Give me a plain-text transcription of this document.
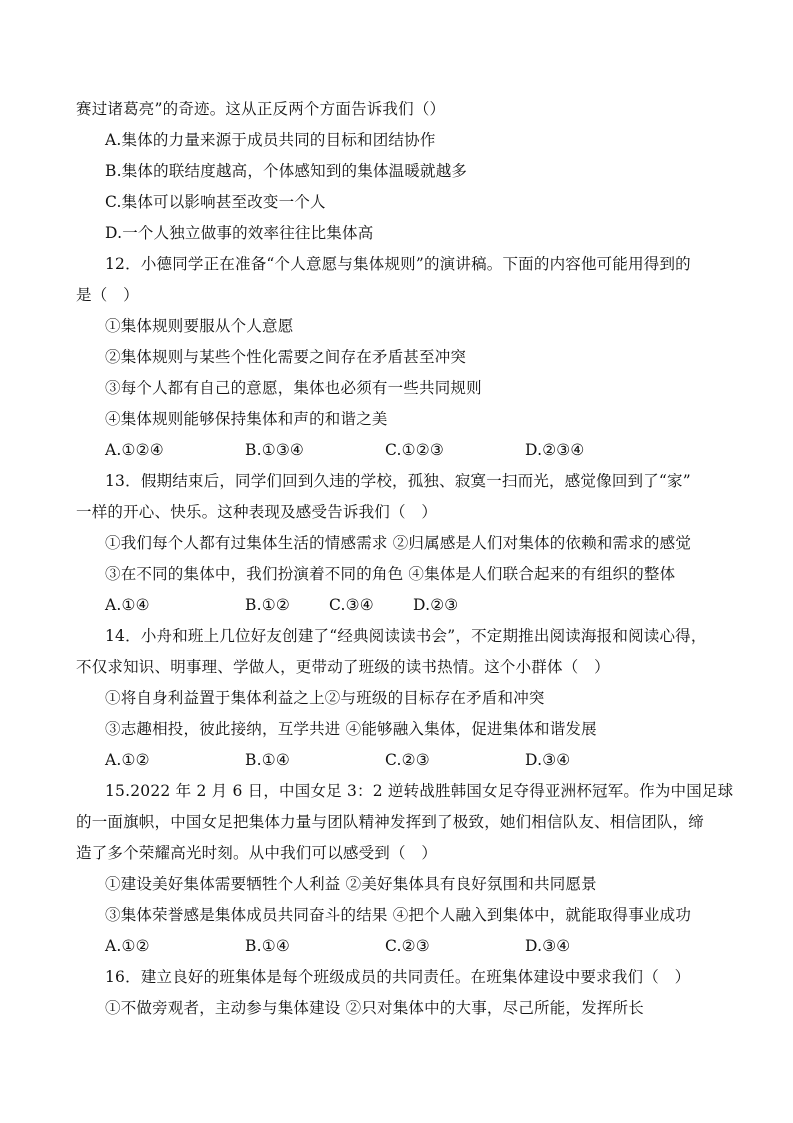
赛过诸葛亮”的奇迹。这从正反两个方面告诉我们（）
A.集体的力量来源于成员共同的目标和团结协作
B.集体的联结度越高，个体感知到的集体温暖就越多
C.集体可以影响甚至改变一个人
D.一个人独立做事的效率往往比集体高
12．小德同学正在准备“个人意愿与集体规则”的演讲稿。下面的内容他可能用得到的
是（　）
①集体规则要服从个人意愿
②集体规则与某些个性化需要之间存在矛盾甚至冲突
③每个人都有自己的意愿，集体也必须有一些共同规则
④集体规则能够保持集体和声的和谐之美
A.①②④	B.①③④	C.①②③	D.②③④
13．假期结束后，同学们回到久违的学校，孤独、寂寞一扫而光，感觉像回到了“家”
一样的开心、快乐。这种表现及感受告诉我们（　）
①我们每个人都有过集体生活的情感需求 ②归属感是人们对集体的依赖和需求的感觉
③在不同的集体中，我们扮演着不同的角色 ④集体是人们联合起来的有组织的整体
A.①④	B.①②	C.③④	D.②③
14．小舟和班上几位好友创建了“经典阅读读书会”，不定期推出阅读海报和阅读心得，
不仅求知识、明事理、学做人，更带动了班级的读书热情。这个小群体（　）
①将自身利益置于集体利益之上②与班级的目标存在矛盾和冲突
③志趣相投，彼此接纳，互学共进 ④能够融入集体，促进集体和谐发展
A.①②	B.①④	C.②③	D.③④
15.2022 年 2 月 6 日，中国女足 3：2 逆转战胜韩国女足夺得亚洲杯冠军。作为中国足球
的一面旗帜，中国女足把集体力量与团队精神发挥到了极致，她们相信队友、相信团队，缔
造了多个荣耀高光时刻。从中我们可以感受到（　）
①建设美好集体需要牺牲个人利益 ②美好集体具有良好氛围和共同愿景
③集体荣誉感是集体成员共同奋斗的结果 ④把个人融入到集体中，就能取得事业成功
A.①②	B.①④	C.②③	D.③④
16．建立良好的班集体是每个班级成员的共同责任。在班集体建设中要求我们（　）
①不做旁观者，主动参与集体建设 ②只对集体中的大事，尽己所能，发挥所长
